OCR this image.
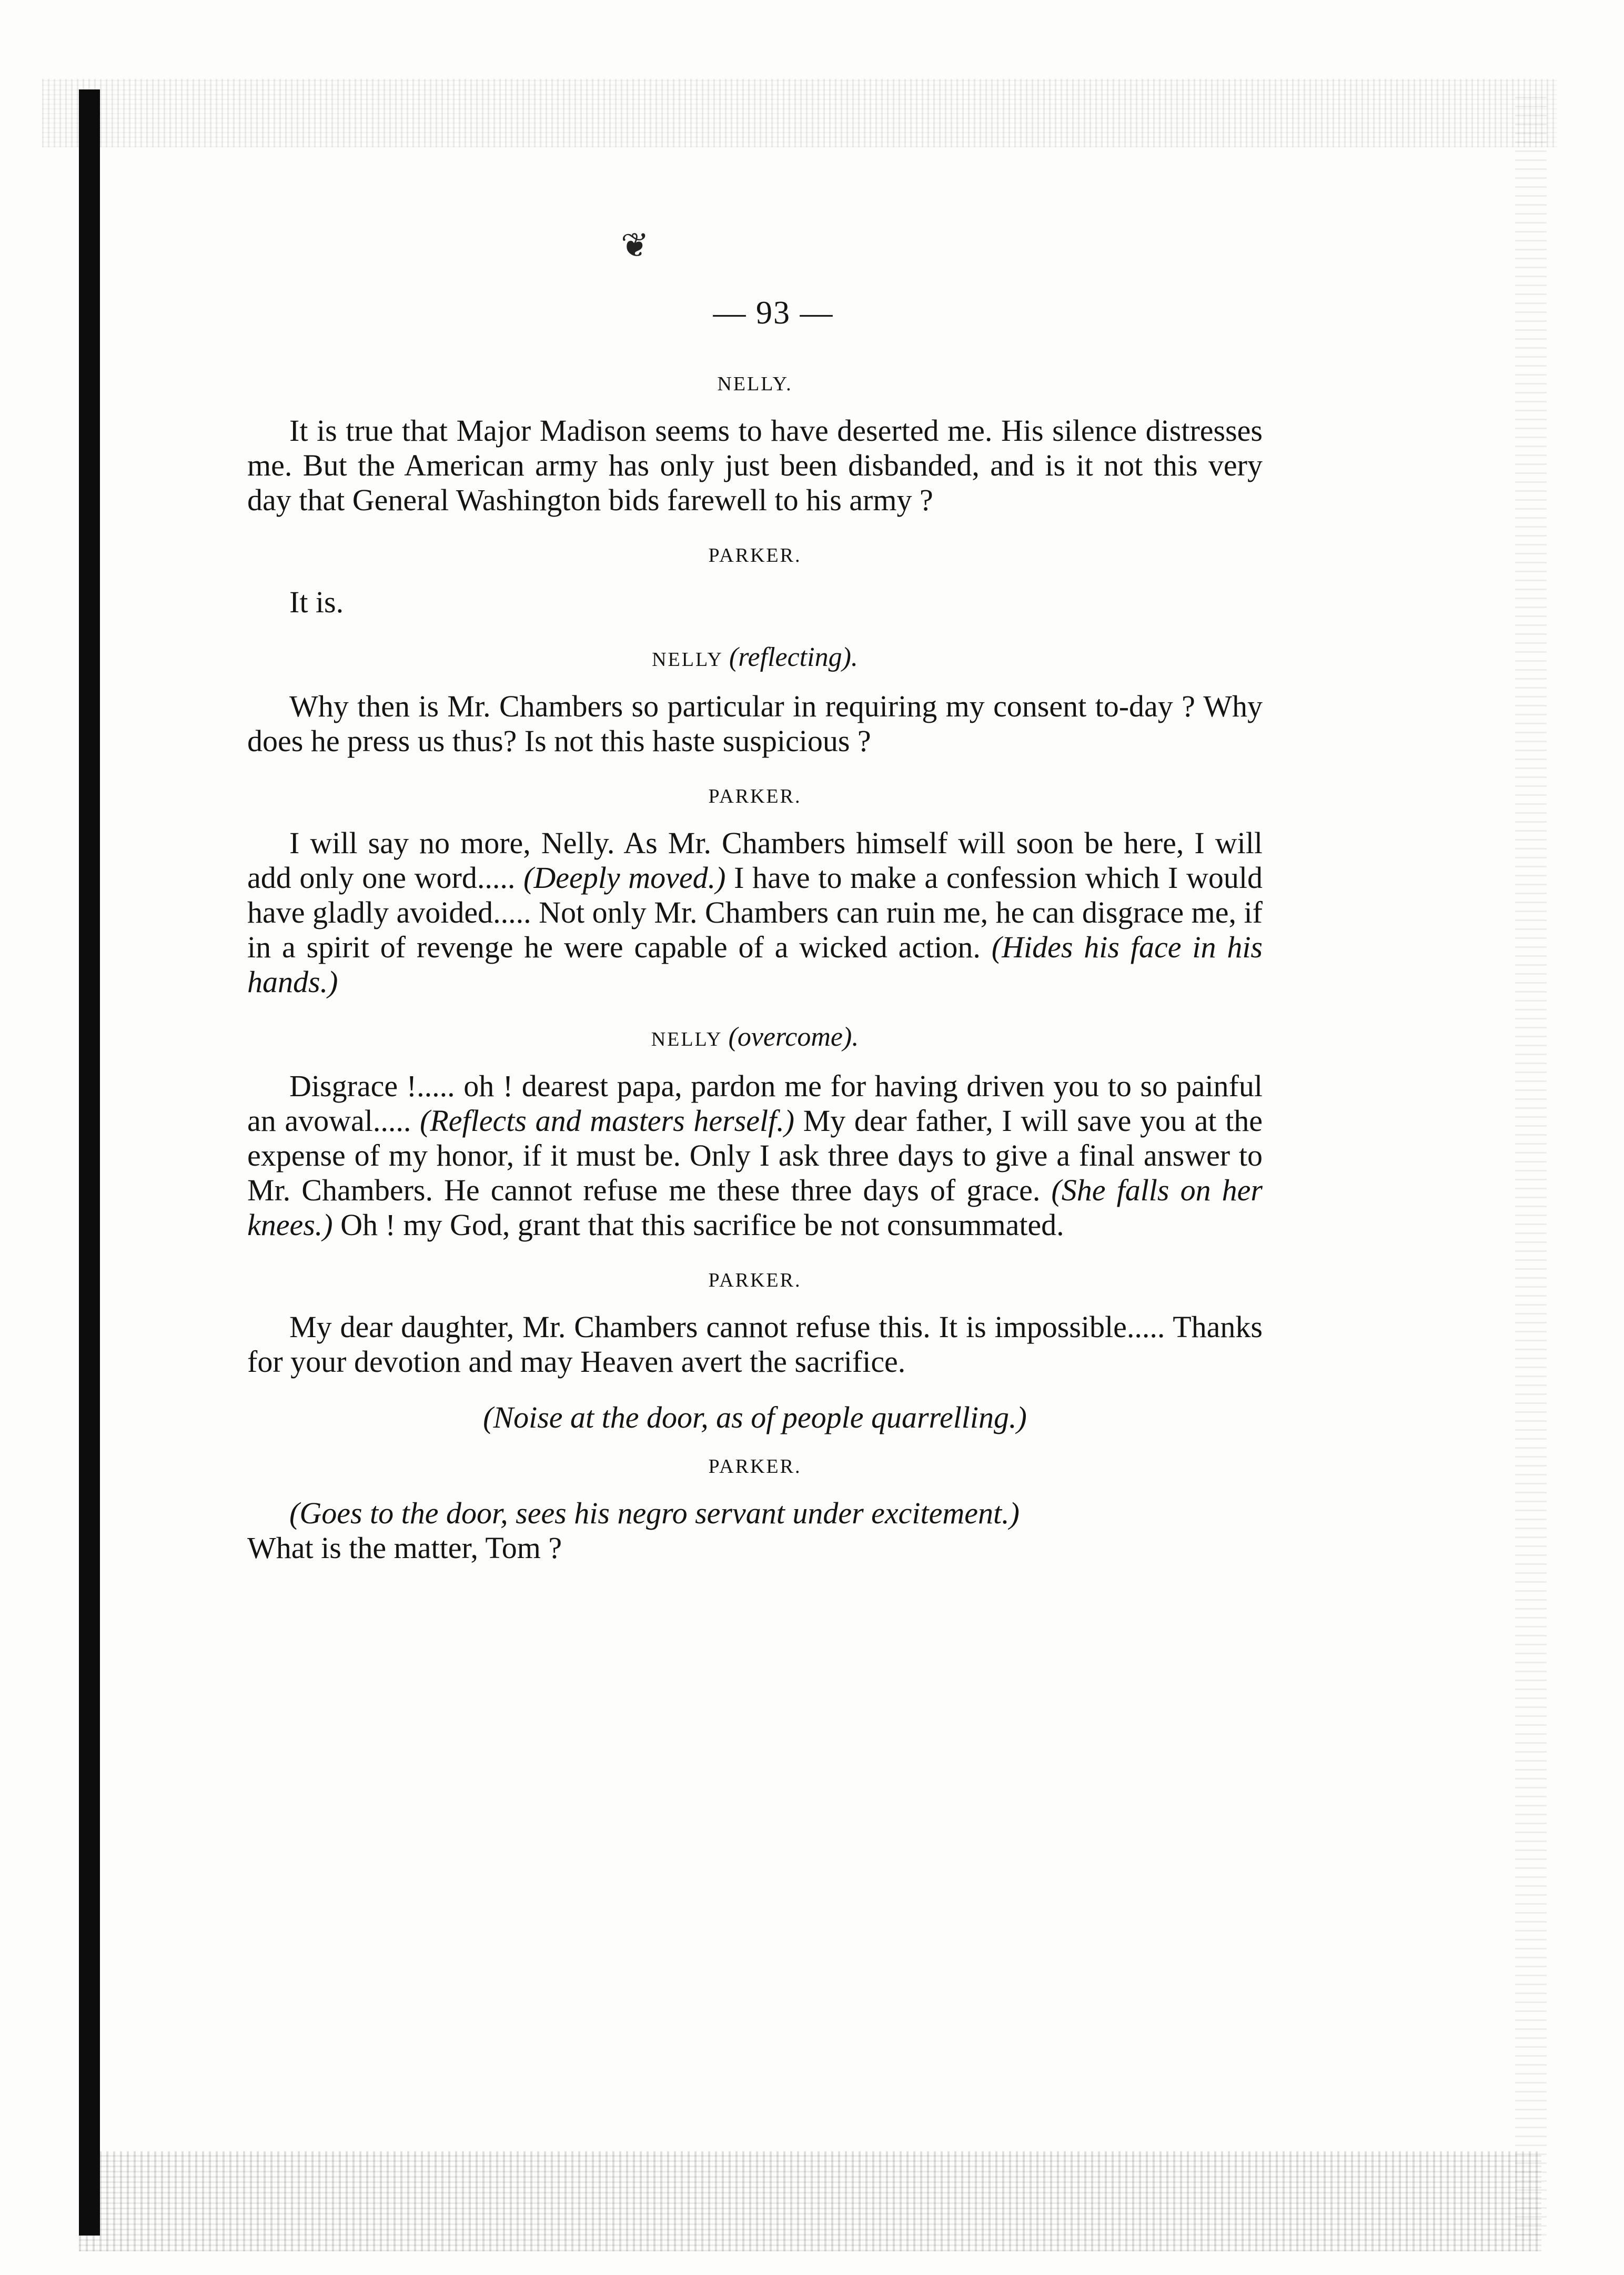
❦
— 93 —
NELLY.

It is true that Major Madison seems to have deserted me. His silence distresses me. But the American army has only just been disbanded, and is it not this very day that General Washington bids farewell to his army ?

PARKER.

It is.

NELLY (reflecting).

Why then is Mr. Chambers so particular in requiring my consent to-day ? Why does he press us thus? Is not this haste suspicious ?

PARKER.

I will say no more, Nelly. As Mr. Chambers himself will soon be here, I will add only one word..... (Deeply moved.) I have to make a confession which I would have gladly avoided..... Not only Mr. Chambers can ruin me, he can disgrace me, if in a spirit of revenge he were capable of a wicked action. (Hides his face in his hands.)

NELLY (overcome).

Disgrace !..... oh ! dearest papa, pardon me for having driven you to so painful an avowal..... (Reflects and masters herself.) My dear father, I will save you at the expense of my honor, if it must be. Only I ask three days to give a final answer to Mr. Chambers. He cannot refuse me these three days of grace. (She falls on her knees.) Oh ! my God, grant that this sacrifice be not consummated.

PARKER.

My dear daughter, Mr. Chambers cannot refuse this. It is impossible..... Thanks for your devotion and may Heaven avert the sacrifice.

(Noise at the door, as of people quarrelling.)

PARKER.

(Goes to the door, sees his negro servant under excitement.)
What is the matter, Tom ?
